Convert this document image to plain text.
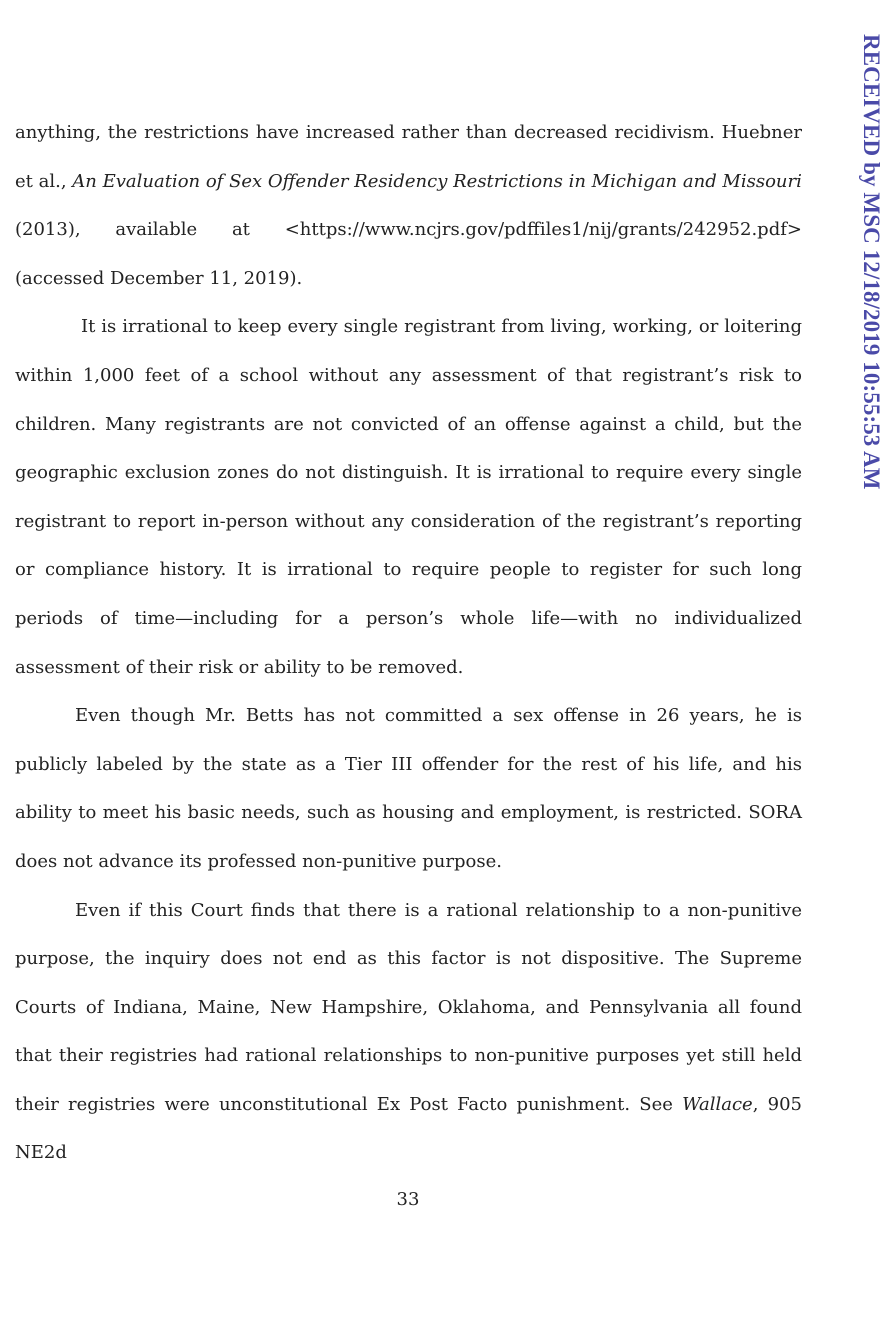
RECEIVED by MSC 12/18/2019 10:55:53 AM
anything, the restrictions have increased rather than decreased recidivism. Huebner et al., An Evaluation of Sex Offender Residency Restrictions in Michigan and Missouri
(2013), available at <https://www.ncjrs.gov/pdffiles1/nij/grants/242952.pdf>
(accessed December 11, 2019).

It is irrational to keep every single registrant from living, working, or loitering within 1,000 feet of a school without any assessment of that registrant’s risk to children. Many registrants are not convicted of an offense against a child, but the geographic exclusion zones do not distinguish. It is irrational to require every single registrant to report in-person without any consideration of the registrant’s reporting or compliance history. It is irrational to require people to register for such long periods of time—including for a person’s whole life—with no individualized assessment of their risk or ability to be removed.

Even though Mr. Betts has not committed a sex offense in 26 years, he is publicly labeled by the state as a Tier III offender for the rest of his life, and his ability to meet his basic needs, such as housing and employment, is restricted. SORA does not advance its professed non-punitive purpose.

Even if this Court finds that there is a rational relationship to a non-punitive purpose, the inquiry does not end as this factor is not dispositive. The Supreme Courts of Indiana, Maine, New Hampshire, Oklahoma, and Pennsylvania all found that their registries had rational relationships to non-punitive purposes yet still held their registries were unconstitutional Ex Post Facto punishment. See Wallace, 905 NE2d

33
